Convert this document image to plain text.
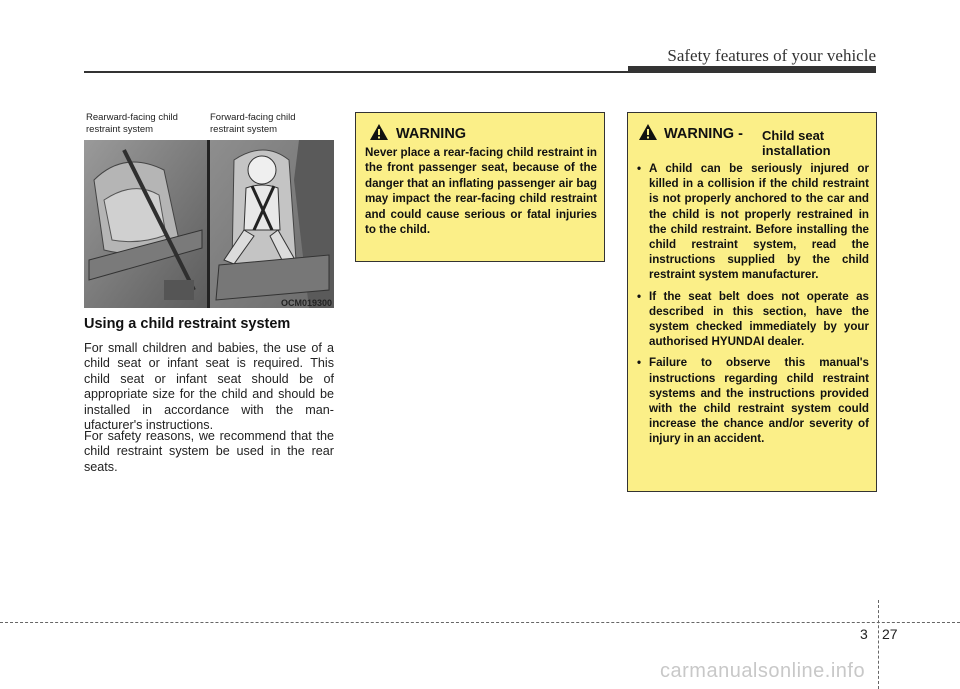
Safety features of your vehicle
Rearward-facing child restraint system
Forward-facing child restraint system
OCM019300
Using a child restraint system
For small children and babies, the use of a child seat or infant seat is required. This child seat or infant seat should be of appropriate size for the child and should be installed in accordance with the man- ufacturer's instructions.
For safety reasons, we recommend that the child restraint system be used in the rear seats.
WARNING
Never place a rear-facing child restraint in the front passenger seat, because of the danger that an inflating passenger air bag may impact the rear-facing child restraint and could cause serious or fatal injuries to the child.
WARNING - Child seat installation
• A child can be seriously injured or killed in a collision if the child restraint is not properly anchored to the car and the child is not properly restrained in the child restraint. Before installing the child restraint system, read the instructions supplied by the child restraint system manufacturer.
• If the seat belt does not operate as described in this section, have the system checked immediately by your authorised HYUNDAI dealer.
• Failure to observe this manual's instructions regarding child restraint systems and the instructions provided with the child restraint system could increase the chance and/or severity of injury in an accident.
3 27
carmanualsonline.info
